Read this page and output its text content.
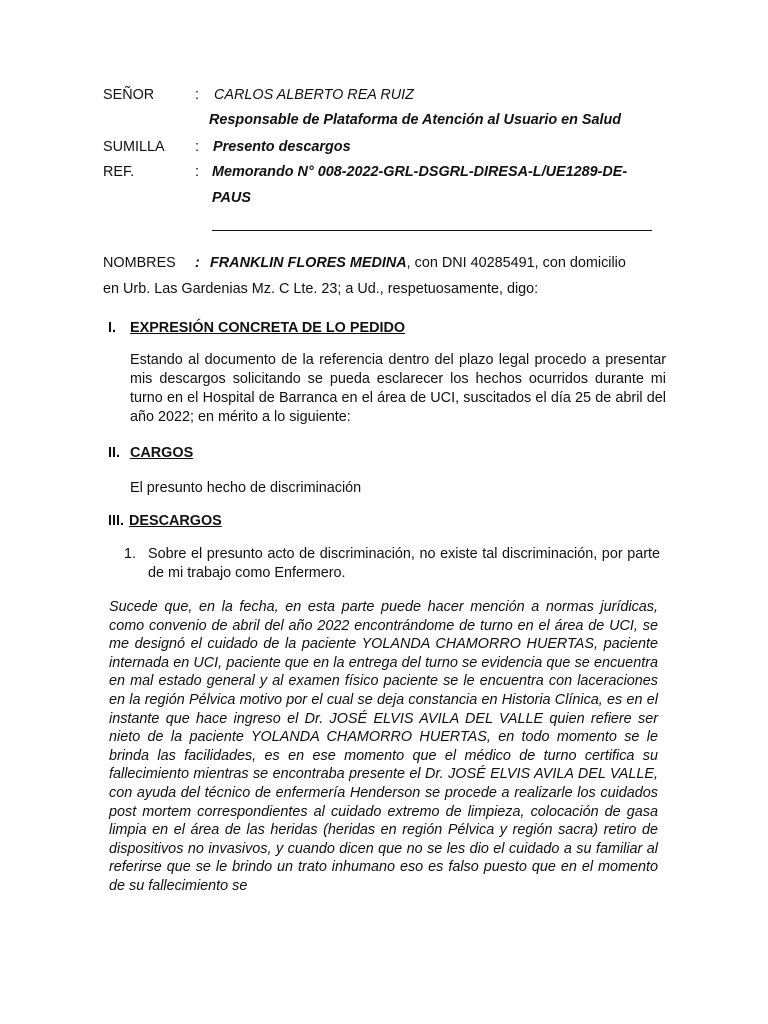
SEÑOR	: CARLOS ALBERTO REA RUIZ
Responsable de Plataforma de Atención al Usuario en Salud
SUMILLA : Presento descargos
REF.	: Memorando N° 008-2022-GRL-DSGRL-DIRESA-L/UE1289-DE-
PAUS
NOMBRES : FRANKLIN FLORES MEDINA, con DNI 40285491, con domicilio
en Urb. Las Gardenias Mz. C Lte. 23; a Ud., respetuosamente, digo:
I. EXPRESIÓN CONCRETA DE LO PEDIDO
Estando al documento de la referencia dentro del plazo legal procedo a presentar mis descargos solicitando se pueda esclarecer los hechos ocurridos durante mi turno en el Hospital de Barranca en el área de UCI, suscitados el día 25 de abril del año 2022; en mérito a lo siguiente:
II. CARGOS
El presunto hecho de discriminación
III. DESCARGOS
1. Sobre el presunto acto de discriminación, no existe tal discriminación, por parte de mi trabajo como Enfermero.
Sucede que, en la fecha, en esta parte puede hacer mención a normas jurídicas, como convenio de abril del año 2022 encontrándome de turno en el área de UCI, se me designó el cuidado de la paciente YOLANDA CHAMORRO HUERTAS, paciente internada en UCI, paciente que en la entrega del turno se evidencia que se encuentra en mal estado general y al examen físico paciente se le encuentra con laceraciones en la región Pélvica motivo por el cual se deja constancia en Historia Clínica, es en el instante que hace ingreso el Dr. JOSÉ ELVIS AVILA DEL VALLE quien refiere ser nieto de la paciente YOLANDA CHAMORRO HUERTAS, en todo momento se le brinda las facilidades, es en ese momento que el médico de turno certifica su fallecimiento mientras se encontraba presente el Dr. JOSÉ ELVIS AVILA DEL VALLE, con ayuda del técnico de enfermería Henderson se procede a realizarle los cuidados post mortem correspondientes al cuidado extremo de limpieza, colocación de gasa limpia en el área de las heridas (heridas en región Pélvica y región sacra) retiro de dispositivos no invasivos, y cuando dicen que no se les dio el cuidado a su familiar al referirse que se le brindo un trato inhumano eso es falso puesto que en el momento de su fallecimiento se
